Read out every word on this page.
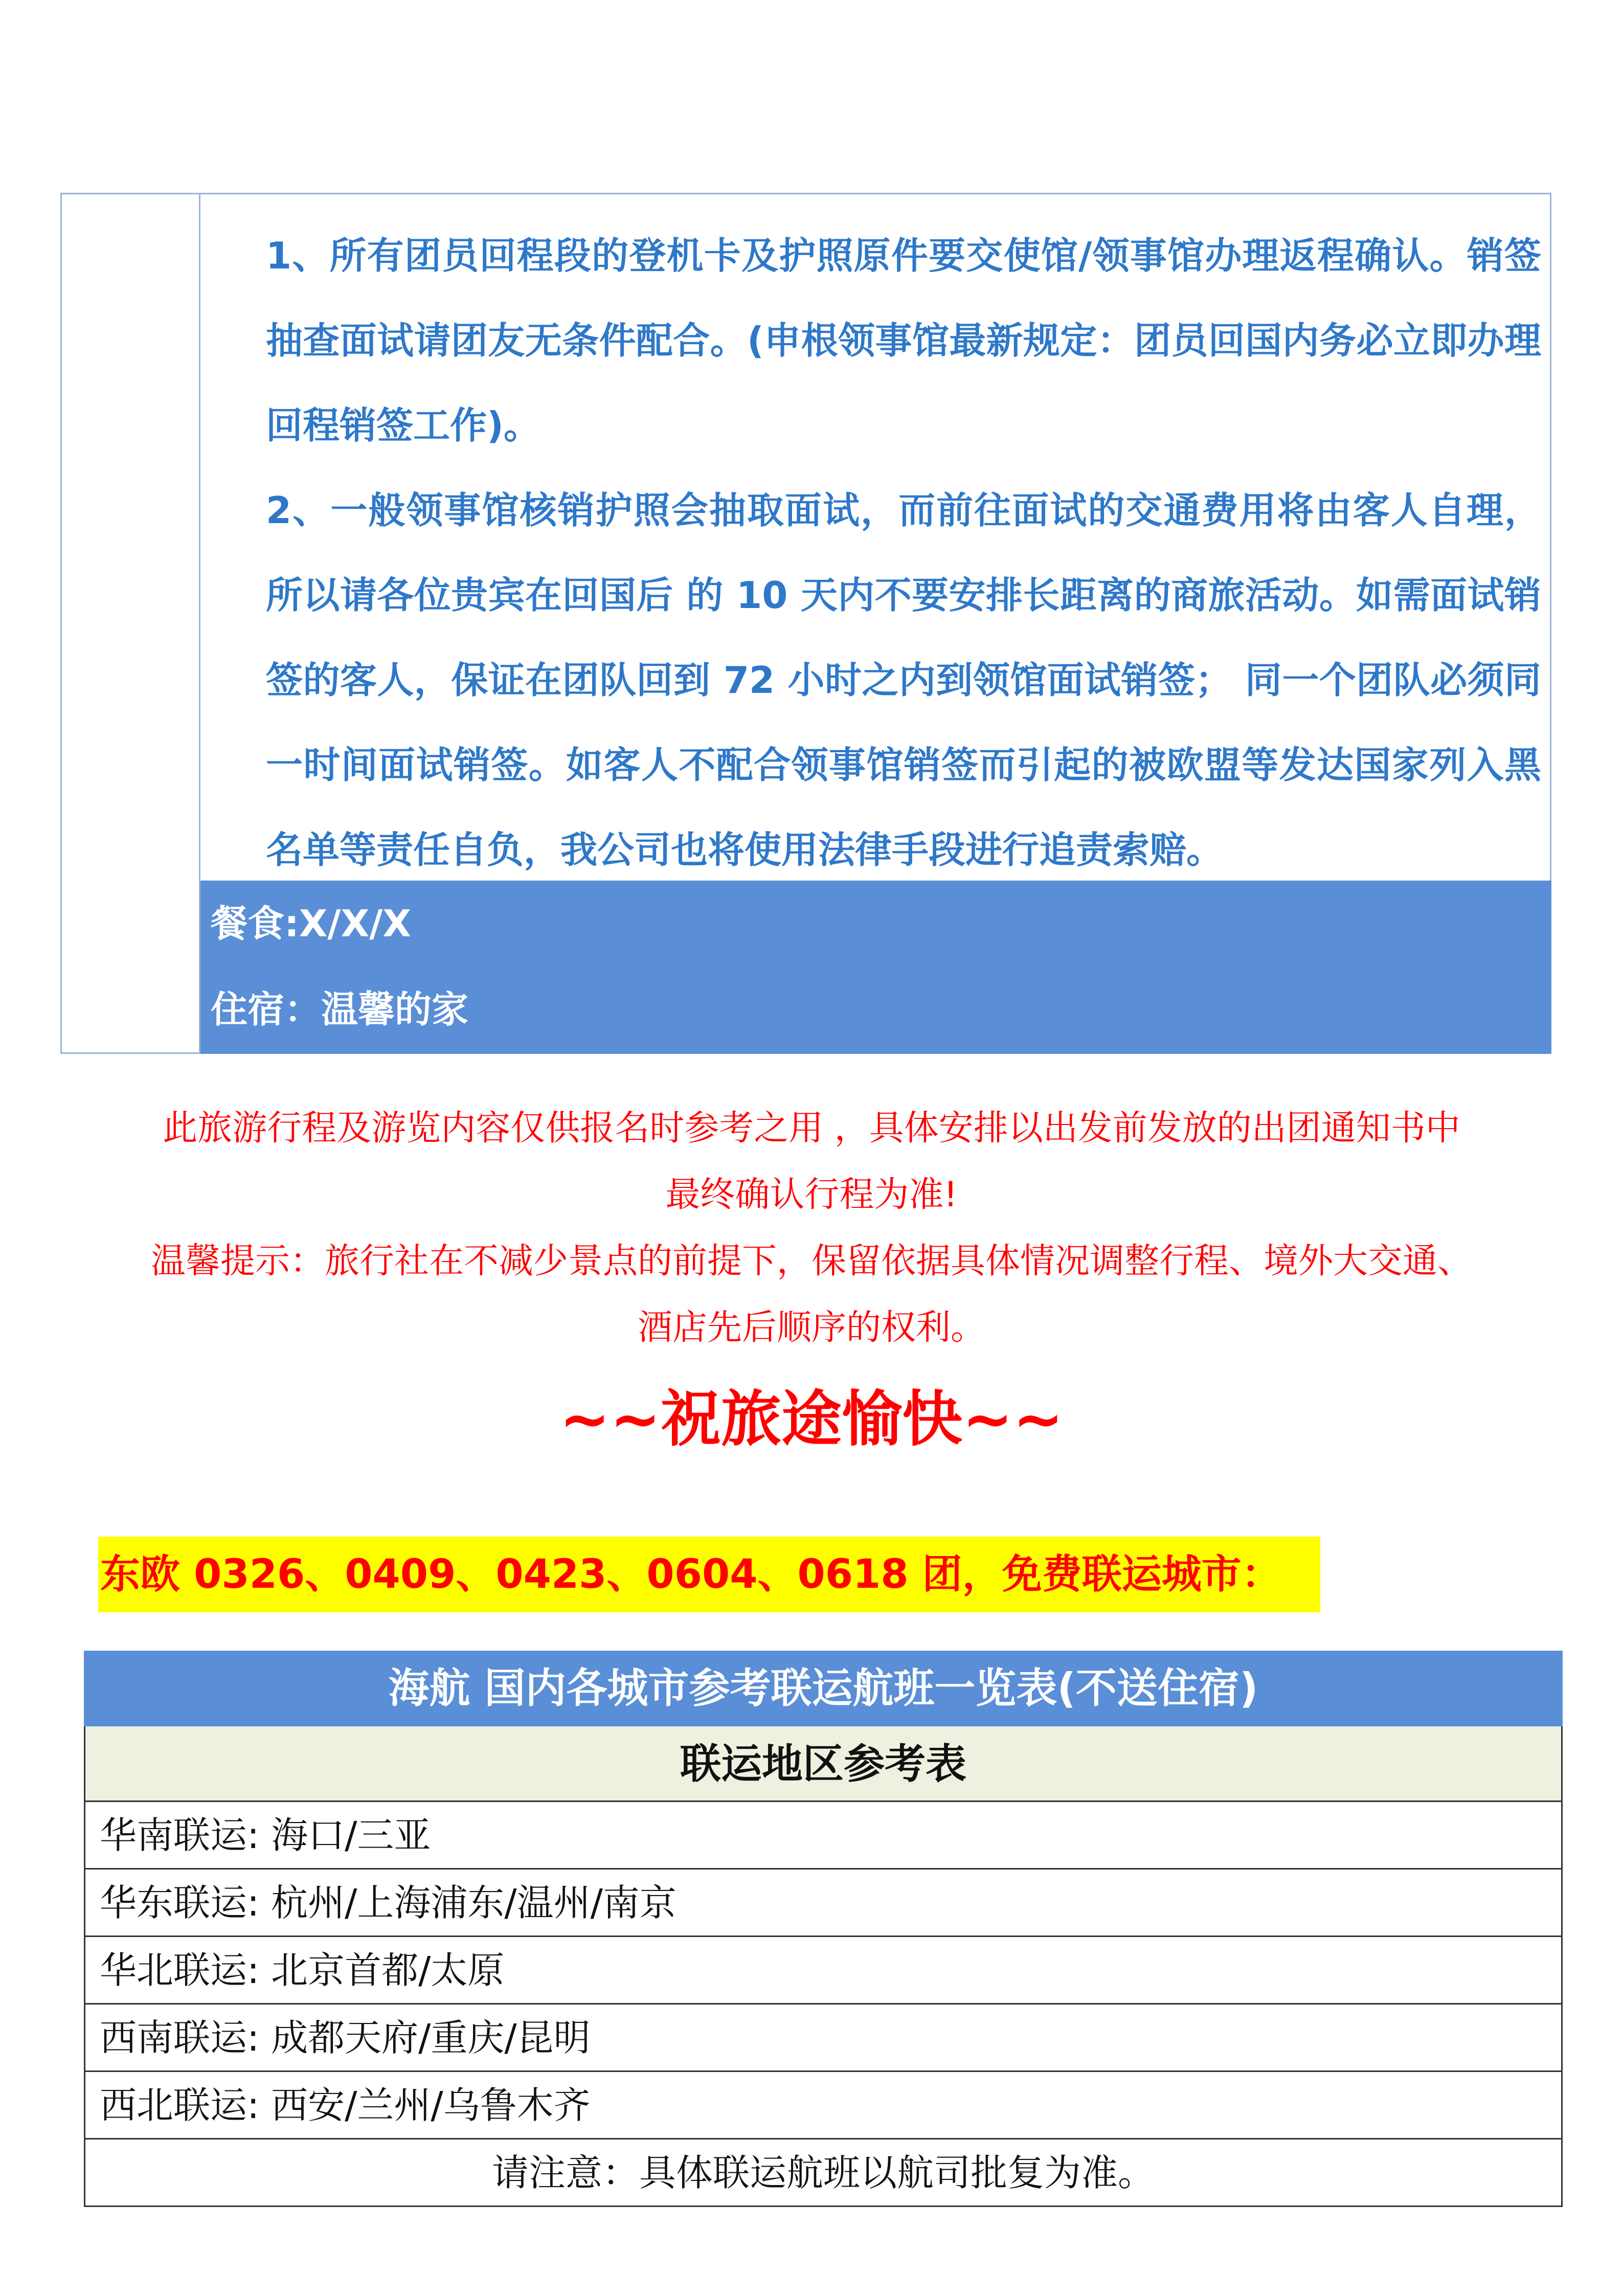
1、所有团员回程段的登机卡及护照原件要交使馆/领事馆办理返程确认。销签抽查面试请团友无条件配合。(申根领事馆最新规定：团员回国内务必立即办理回程销签工作)。

2、一般领事馆核销护照会抽取面试，而前往面试的交通费用将由客人自理，所以请各位贵宾在回国后 的 10 天内不要安排长距离的商旅活动。如需面试销签的客人，保证在团队回到 72 小时之内到领馆面试销签； 同一个团队必须同一时间面试销签。如客人不配合领事馆销签而引起的被欧盟等发达国家列入黑名单等责任自负，我公司也将使用法律手段进行追责索赔。

餐食:X/X/X
住宿：温馨的家
此旅游行程及游览内容仅供报名时参考之用 ，具体安排以出发前发放的出团通知书中
最终确认行程为准!
温馨提示：旅行社在不减少景点的前提下，保留依据具体情况调整行程、境外大交通、
酒店先后顺序的权利。
~~祝旅途愉快~~
东欧 0326、0409、0423、0604、0618 团，免费联运城市：
海航 国内各城市参考联运航班一览表(不送住宿)
联运地区参考表
华南联运: 海口/三亚
华东联运: 杭州/上海浦东/温州/南京
华北联运: 北京首都/太原
西南联运: 成都天府/重庆/昆明
西北联运: 西安/兰州/乌鲁木齐
请注意：具体联运航班以航司批复为准。
